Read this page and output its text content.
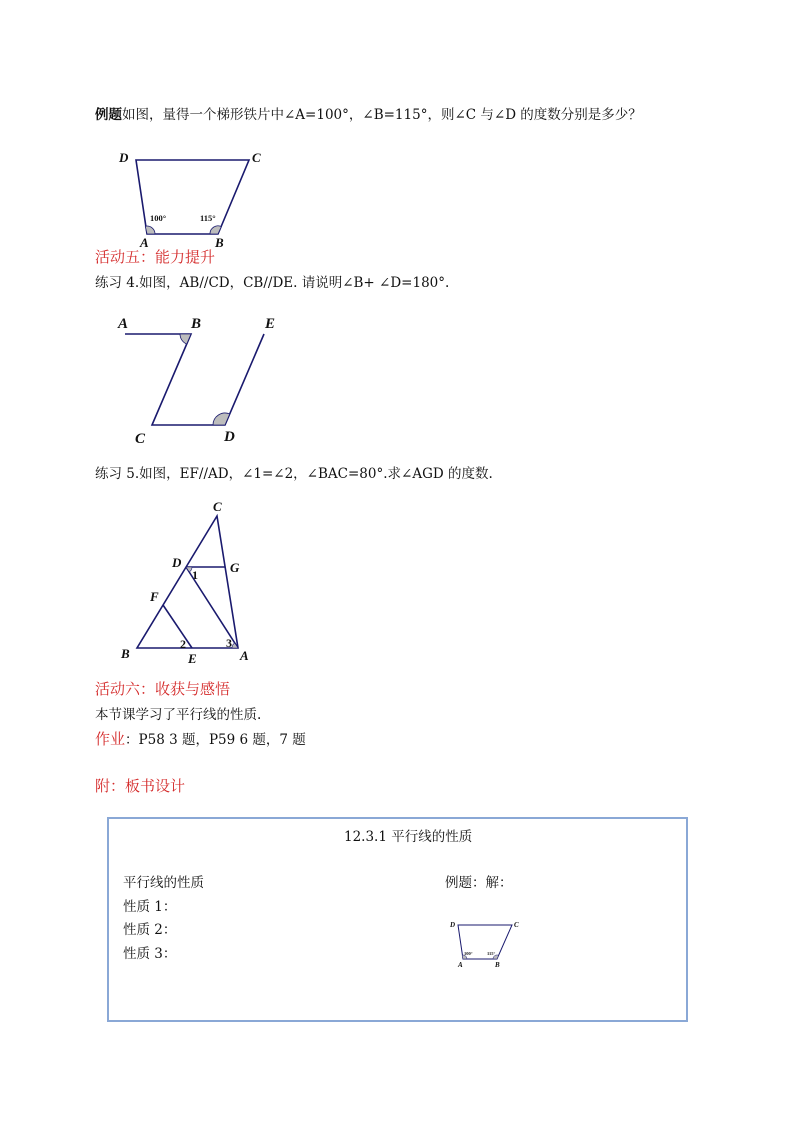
例题如图，量得一个梯形铁片中∠A=100°，∠B=115°，则∠C 与∠D 的度数分别是多少？
D	C
100°	115°
A	B
活动五：能力提升
练习 4.如图，AB//CD，CB//DE. 请说明∠B+ ∠D=180°.
A	B	E
C	D
练习 5.如图，EF//AD，∠1=∠2，∠BAC=80°.求∠AGD 的度数.
C
D
1 G
F
2	3
B	E	A
活动六：收获与感悟
本节课学习了平行线的性质.
作业：P58 3 题，P59 6 题，7 题
附：板书设计
12.3.1 平行线的性质
平行线的性质
性质 1：
性质 2：
性质 3：
例题：解：
D	C
100°	115°
A	B
